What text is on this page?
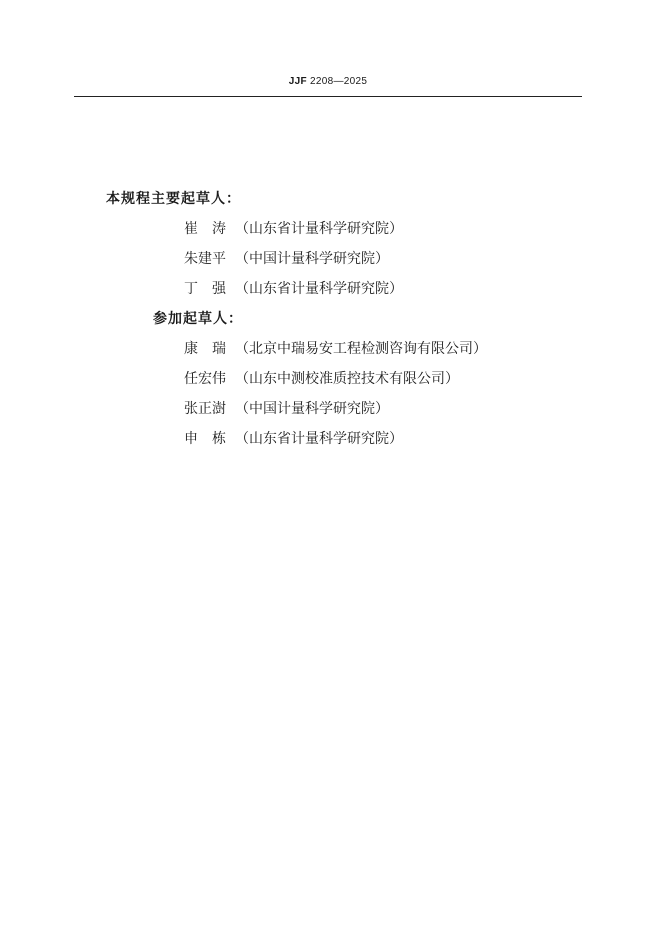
JJF 2208—2025
本规程主要起草人：
崔　涛 （山东省计量科学研究院）
朱建平 （中国计量科学研究院）
丁　强 （山东省计量科学研究院）
参加起草人：
康　瑞 （北京中瑞易安工程检测咨询有限公司）
任宏伟 （山东中测校准质控技术有限公司）
张正澍 （中国计量科学研究院）
申　栋 （山东省计量科学研究院）
